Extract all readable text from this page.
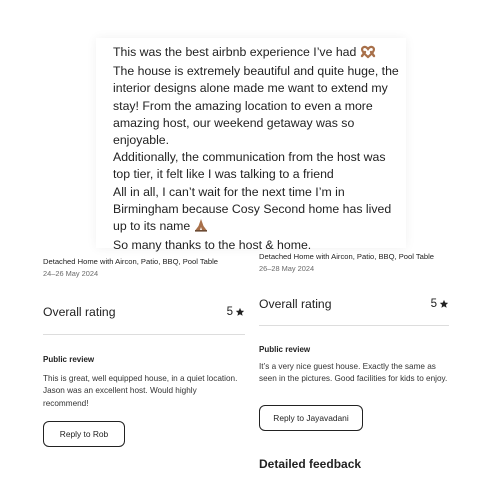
This was the best airbnb experience I’ve had
The house is extremely beautiful and quite huge, the interior designs alone made me want to extend my stay! From the amazing location to even a more amazing host, our weekend getaway was so enjoyable.
Additionally, the communication from the host was top tier, it felt like I was talking to a friend
All in all, I can’t wait for the next time I’m in Birmingham because Cosy Second home has lived up to its name
So many thanks to the host & home.
Detached Home with Aircon, Patio, BBQ, Pool Table
24–26 May 2024
Overall rating	5
Public review

This is great, well equipped house, in a quiet location. Jason was an excellent host. Would highly recommend!

Reply to Rob
Detached Home with Aircon, Patio, BBQ, Pool Table
26–28 May 2024
Overall rating	5
Public review

It’s a very nice guest house. Exactly the same as seen in the pictures. Good facilities for kids to enjoy.

Reply to Jayavadani
Detailed feedback
